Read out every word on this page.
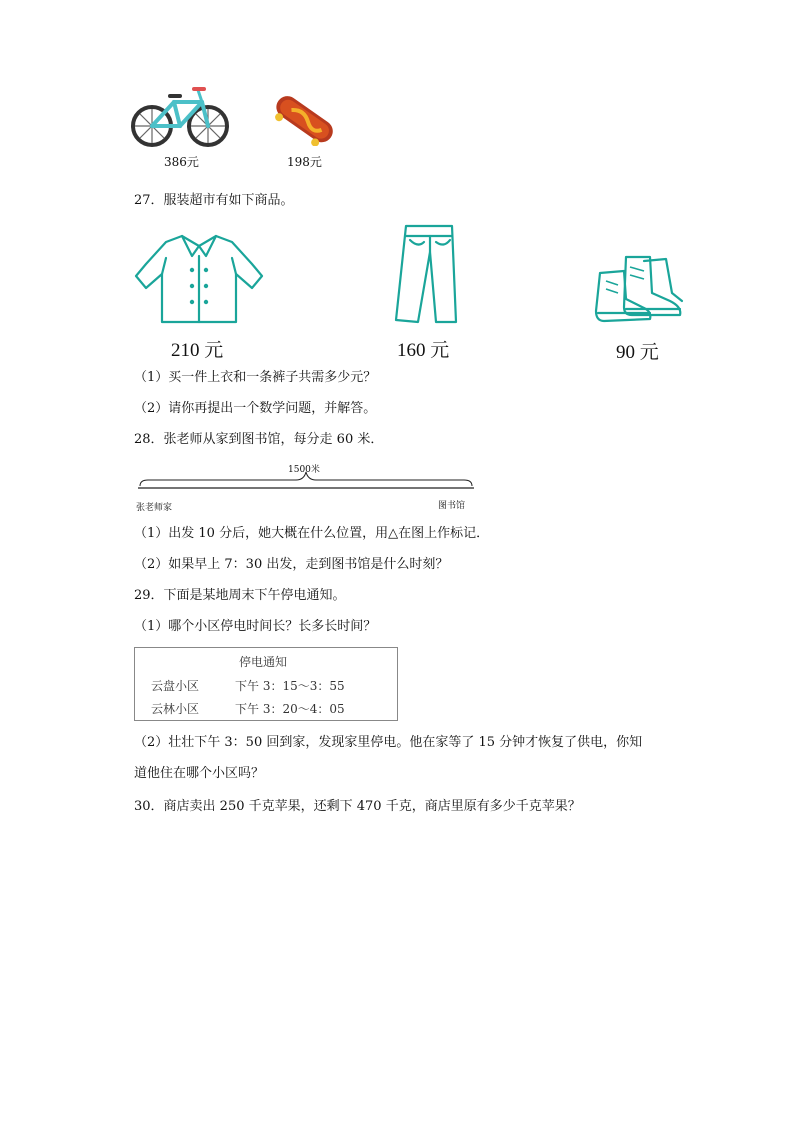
386元	198元
27．服装超市有如下商品。
210 元	160 元	90 元
（1）买一件上衣和一条裤子共需多少元？
（2）请你再提出一个数学问题，并解答。
28．张老师从家到图书馆，每分走 60 米．
1500米
张老师家	图书馆
（1）出发 10 分后，她大概在什么位置，用△在图上作标记．
（2）如果早上 7：30 出发，走到图书馆是什么时刻？
29．下面是某地周末下午停电通知。
（1）哪个小区停电时间长？长多长时间？
停电通知
云盘小区	下午 3：15～3：55
云林小区	下午 3：20～4：05
（2）壮壮下午 3：50 回到家，发现家里停电。他在家等了 15 分钟才恢复了供电，你知
道他住在哪个小区吗？
30．商店卖出 250 千克苹果，还剩下 470 千克，商店里原有多少千克苹果？
